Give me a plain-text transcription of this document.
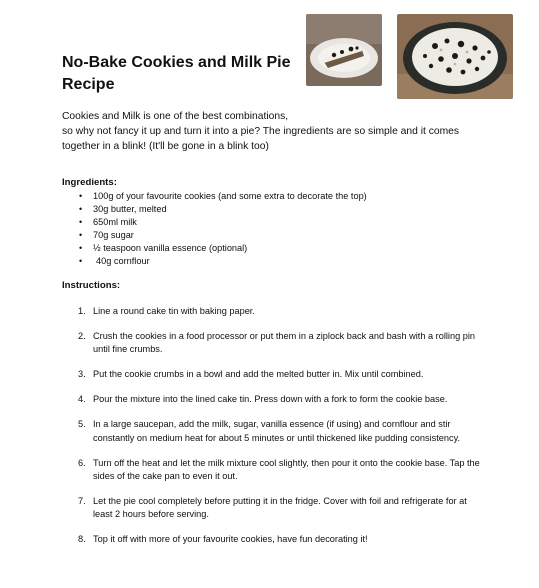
No-Bake Cookies and Milk Pie Recipe

Cookies and Milk is one of the best combinations,
so why not fancy it up and turn it into a pie? The ingredients are so simple and it comes together in a blink! (It'll be gone in a blink too)

Ingredients:
• 100g of your favourite cookies (and some extra to decorate the top)
• 30g butter, melted
• 650ml milk
• 70g sugar
• ½ teaspoon vanilla essence (optional)
• 40g cornflour
Instructions:
1. Line a round cake tin with baking paper.
2. Crush the cookies in a food processor or put them in a ziplock back and bash with a rolling pin until fine crumbs.
3. Put the cookie crumbs in a bowl and add the melted butter in. Mix until combined.
4. Pour the mixture into the lined cake tin. Press down with a fork to form the cookie base.
5. In a large saucepan, add the milk, sugar, vanilla essence (if using) and cornflour and stir constantly on medium heat for about 5 minutes or until thickened like pudding consistency.
6. Turn off the heat and let the milk mixture cool slightly, then pour it onto the cookie base. Tap the sides of the cake pan to even it out.
7. Let the pie cool completely before putting it in the fridge. Cover with foil and refrigerate for at least 2 hours before serving.
8. Top it off with more of your favourite cookies, have fun decorating it!
